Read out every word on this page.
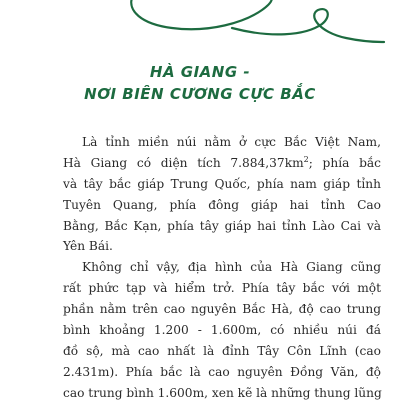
HÀ GIANG -
NƠI BIÊN CƯƠNG CỰC BẮC
Là tỉnh miền núi nằm ở cực Bắc Việt Nam,
Hà Giang có diện tích $7.884,37km^2$; phía bắc
và tây bắc giáp Trung Quốc, phía nam giáp tỉnh
Tuyên Quang, phía đông giáp hai tỉnh Cao
Bằng, Bắc Kạn, phía tây giáp hai tỉnh Lào Cai và
Yên Bái.
Không chỉ vậy, địa hình của Hà Giang cũng
rất phức tạp và hiểm trở. Phía tây bắc với một
phần nằm trên cao nguyên Bắc Hà, độ cao trung
bình khoảng 1.200 - 1.600m, có nhiều núi đá
đồ sộ, mà cao nhất là đỉnh Tây Côn Lĩnh (cao
2.431m). Phía bắc là cao nguyên Đồng Văn, độ
cao trung bình 1.600m, xen kẽ là những thung lũng
